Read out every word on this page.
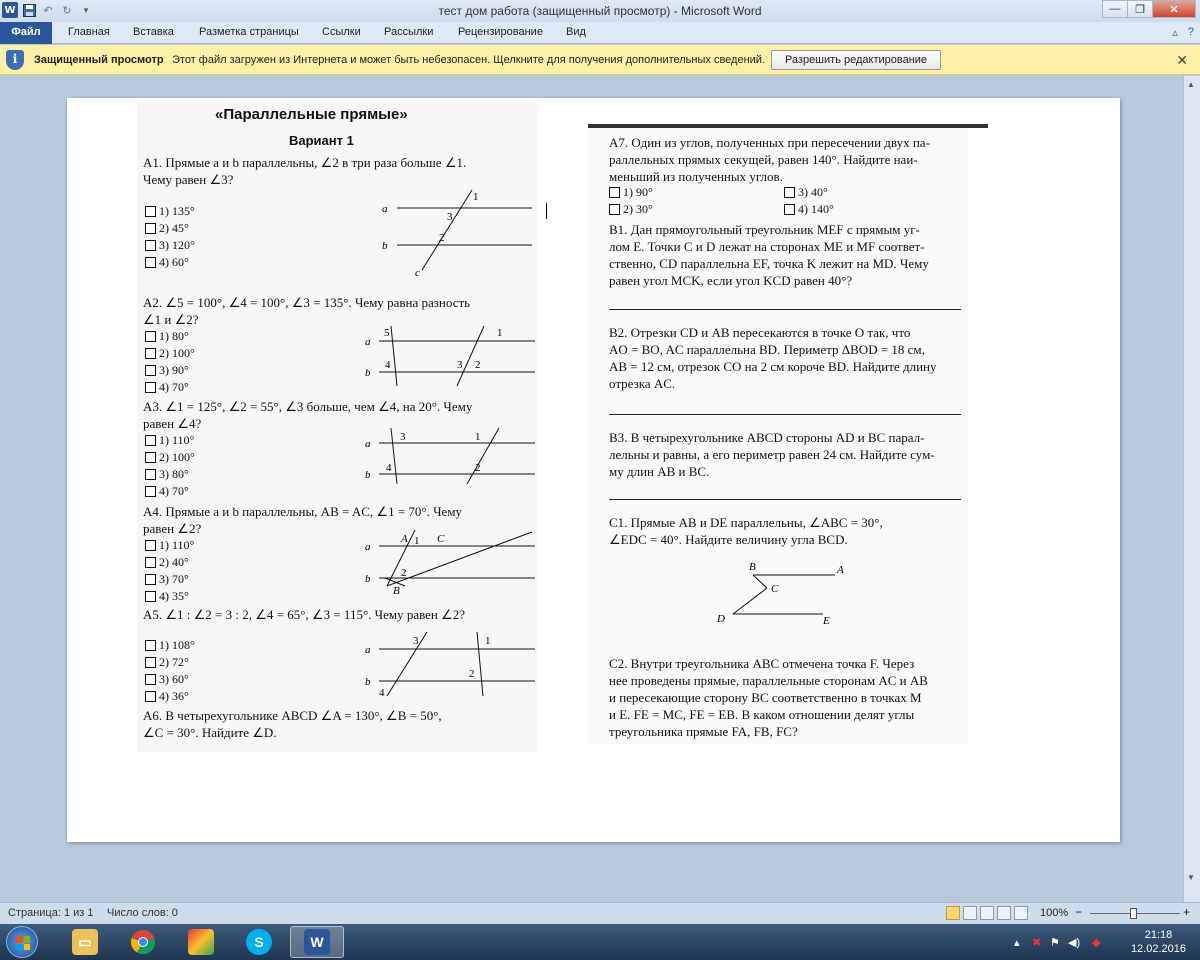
W	↶ ↻	▾	тест дом работа (защищенный просмотр) - Microsoft Word	—	❐	✕
Файл	Главная Вставка Разметка страницы Ссылки Рассылки Рецензирование Вид	▵ ?
i	Защищенный просмотр Этот файл загружен из Интернета и может быть небезопасен. Щелкните для получения дополнительных сведений.	Разрешить редактирование	✕
▲
▼
«Параллельные прямые»
Вариант 1
A1. Прямые a и b параллельны, ∠2 в три раза больше ∠1.
Чему равен ∠3?
1) 135°
2) 45°
3) 120°
4) 60°
a
b
c
1
3
2
A2. ∠5 = 100°, ∠4 = 100°, ∠3 = 135°. Чему равна разность
∠1 и ∠2?
1) 80°
2) 100°
3) 90°
4) 70°
a
b
5	1
4	3 2
A3. ∠1 = 125°, ∠2 = 55°, ∠3 больше, чем ∠4, на 20°. Чему
равен ∠4?
1) 110°
2) 100°
3) 80°
4) 70°
a
b
3	1
4	2
A4. Прямые a и b параллельны, AB = AC, ∠1 = 70°. Чему
равен ∠2?
1) 110°
2) 40°
3) 70°
4) 35°
a
b
A 1 C
2
B
A5. ∠1 : ∠2 = 3 : 2, ∠4 = 65°, ∠3 = 115°. Чему равен ∠2?
1) 108°
2) 72°
3) 60°
4) 36°
a
b
3	1
2
4
A6. В четырехугольнике ABCD ∠A = 130°, ∠B = 50°,
∠C = 30°. Найдите ∠D.
A7. Один из углов, полученных при пересечении двух па-
раллельных прямых секущей, равен 140°. Найдите наи-
меньший из полученных углов.
1) 90°	3) 40°
2) 30°	4) 140°
B1. Дан прямоугольный треугольник MEF с прямым уг-
лом E. Точки C и D лежат на сторонах ME и MF соответ-
ственно, CD параллельна EF, точка K лежит на MD. Чему
равен угол MCK, если угол KCD равен 40°?
B2. Отрезки CD и AB пересекаются в точке O так, что
AO = BO, AC параллельна BD. Периметр ΔBOD = 18 см,
AB = 12 см, отрезок CO на 2 см короче BD. Найдите длину
отрезка AC.
B3. В четырехугольнике ABCD стороны AD и BC парал-
лельны и равны, а его периметр равен 24 см. Найдите сум-
му длин AB и BC.
C1. Прямые AB и DE параллельны, ∠ABC = 30°,
∠EDC = 40°. Найдите величину угла BCD.
B	A
C
D	E
C2. Внутри треугольника ABC отмечена точка F. Через
нее проведены прямые, параллельные сторонам AC и AB
и пересекающие сторону BC соответственно в точках M
и E. FE = MC, FE = EB. В каком отношении делят углы
треугольника прямые FA, FB, FC?
Страница: 1 из 1 Число слов: 0	100% −	+
▭	S	W	▴ ✖ ⚑ ◀) ◆
21:18
12.02.2016
